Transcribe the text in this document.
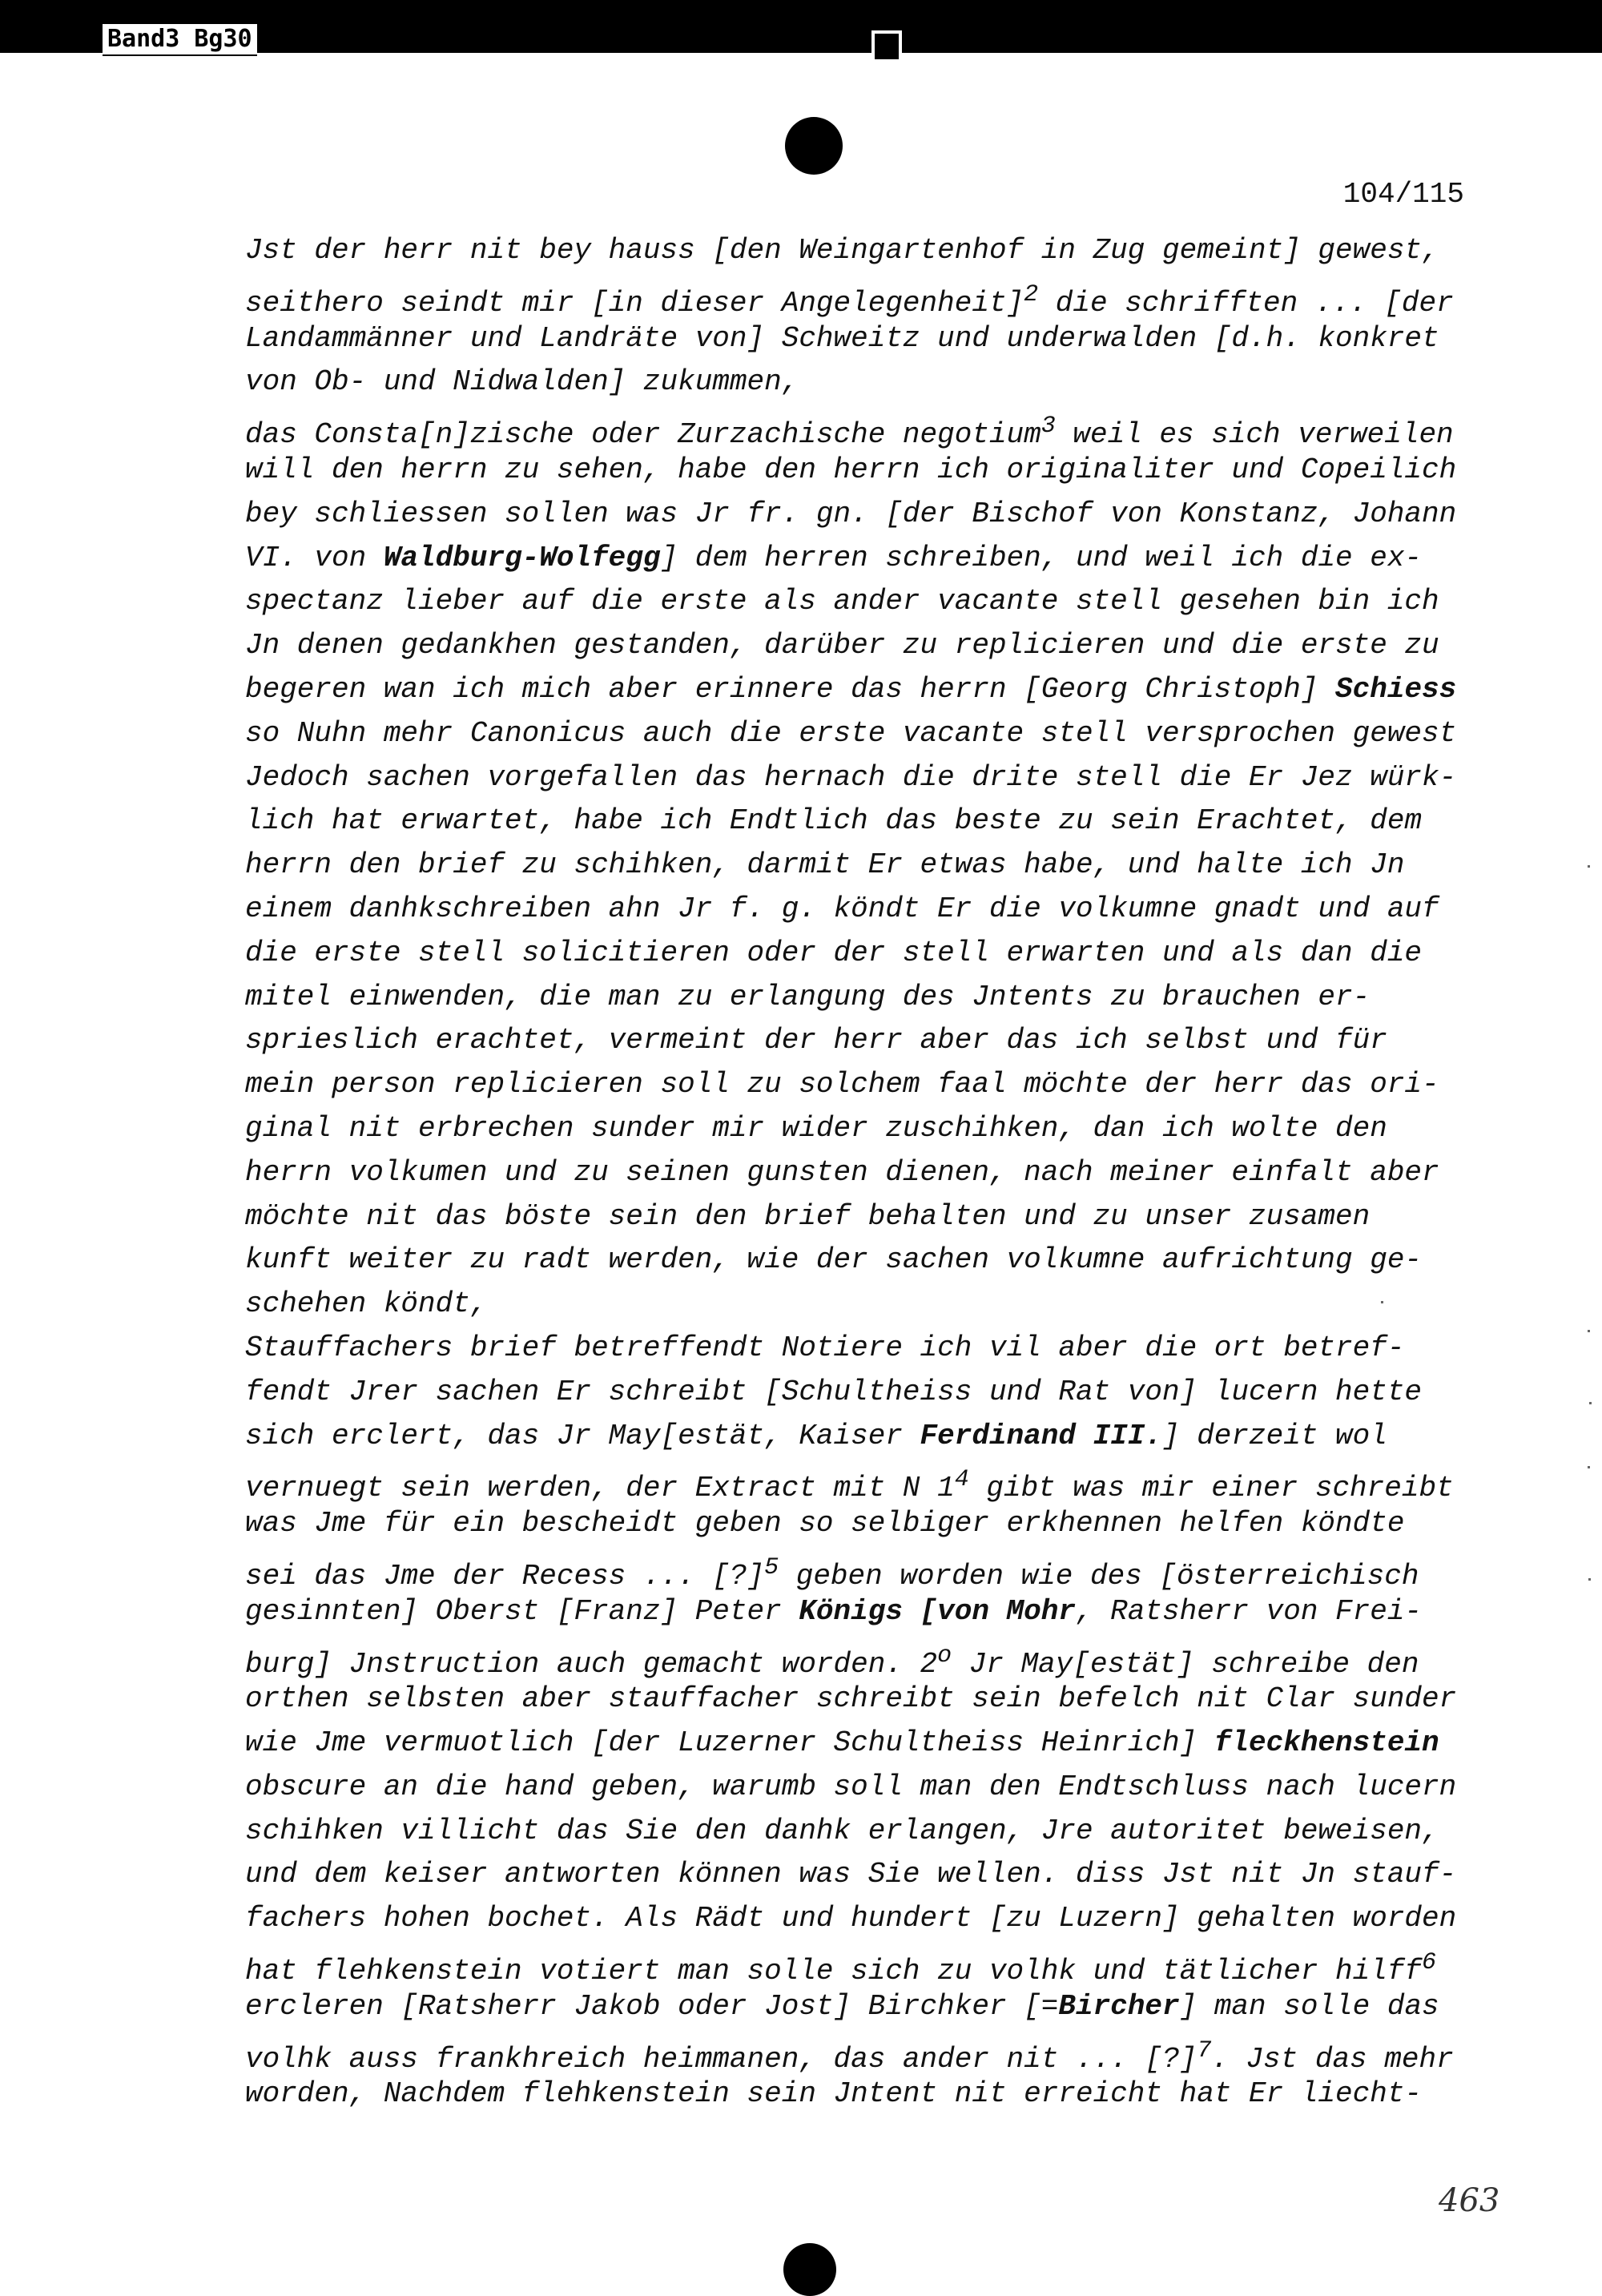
Band3 Bg30
104/115
Jst der herr nit bey hauss [den Weingartenhof in Zug gemeint] gewest,
seithero seindt mir [in dieser Angelegenheit]$^2$ die schrifften ... [der
Landammänner und Landräte von] Schweitz und underwalden [d.h. konkret
von Ob- und Nidwalden] zukummen,
das Consta[n]zische oder Zurzachische negotium$^3$ weil es sich verweilen
will den herrn zu sehen, habe den herrn ich originaliter und Copeilich
bey schliessen sollen was Jr fr. gn. [der Bischof von Konstanz, Johann
VI. von Waldburg-Wolfegg] dem herren schreiben, und weil ich die ex-
spectanz lieber auf die erste als ander vacante stell gesehen bin ich
Jn denen gedankhen gestanden, darüber zu replicieren und die erste zu
begeren wan ich mich aber erinnere das herrn [Georg Christoph] Schiess
so Nuhn mehr Canonicus auch die erste vacante stell versprochen gewest
Jedoch sachen vorgefallen das hernach die drite stell die Er Jez würk-
lich hat erwartet, habe ich Endtlich das beste zu sein Erachtet, dem
herrn den brief zu schihken, darmit Er etwas habe, und halte ich Jn
einem danhkschreiben ahn Jr f. g. köndt Er die volkumne gnadt und auf
die erste stell solicitieren oder der stell erwarten und als dan die
mitel einwenden, die man zu erlangung des Jntents zu brauchen er-
sprieslich erachtet, vermeint der herr aber das ich selbst und für
mein person replicieren soll zu solchem faal möchte der herr das ori-
ginal nit erbrechen sunder mir wider zuschihken, dan ich wolte den
herrn volkumen und zu seinen gunsten dienen, nach meiner einfalt aber
möchte nit das böste sein den brief behalten und zu unser zusamen
kunft weiter zu radt werden, wie der sachen volkumne aufrichtung ge-
schehen köndt,
Stauffachers brief betreffendt Notiere ich vil aber die ort betref-
fendt Jrer sachen Er schreibt [Schultheiss und Rat von] lucern hette
sich erclert, das Jr May[estät, Kaiser Ferdinand III.] derzeit wol
vernuegt sein werden, der Extract mit N $1^4$ gibt was mir einer schreibt
was Jme für ein bescheidt geben so selbiger erkhennen helfen köndte
sei das Jme der Recess ... [?]$^5$ geben worden wie des [österreichisch
gesinnten] Oberst [Franz] Peter Königs [von Mohr, Ratsherr von Frei-
burg] Jnstruction auch gemacht worden. 2$^o$ Jr May[estät] schreibe den
orthen selbsten aber stauffacher schreibt sein befelch nit Clar sunder
wie Jme vermuotlich [der Luzerner Schultheiss Heinrich] fleckhenstein
obscure an die hand geben, warumb soll man den Endtschluss nach lucern
schihken villicht das Sie den danhk erlangen, Jre autoritet beweisen,
und dem keiser antworten können was Sie wellen. diss Jst nit Jn stauf-
fachers hohen bochet. Als Rädt und hundert [zu Luzern] gehalten worden
hat flehkenstein votiert man solle sich zu volhk und tätlicher hilff$^6$
ercleren [Ratsherr Jakob oder Jost] Birchker [=Bircher] man solle das
volhk auss frankhreich heimmanen, das ander nit ... [?]$^7$. Jst das mehr
worden, Nachdem flehkenstein sein Jntent nit erreicht hat Er liecht-
463
